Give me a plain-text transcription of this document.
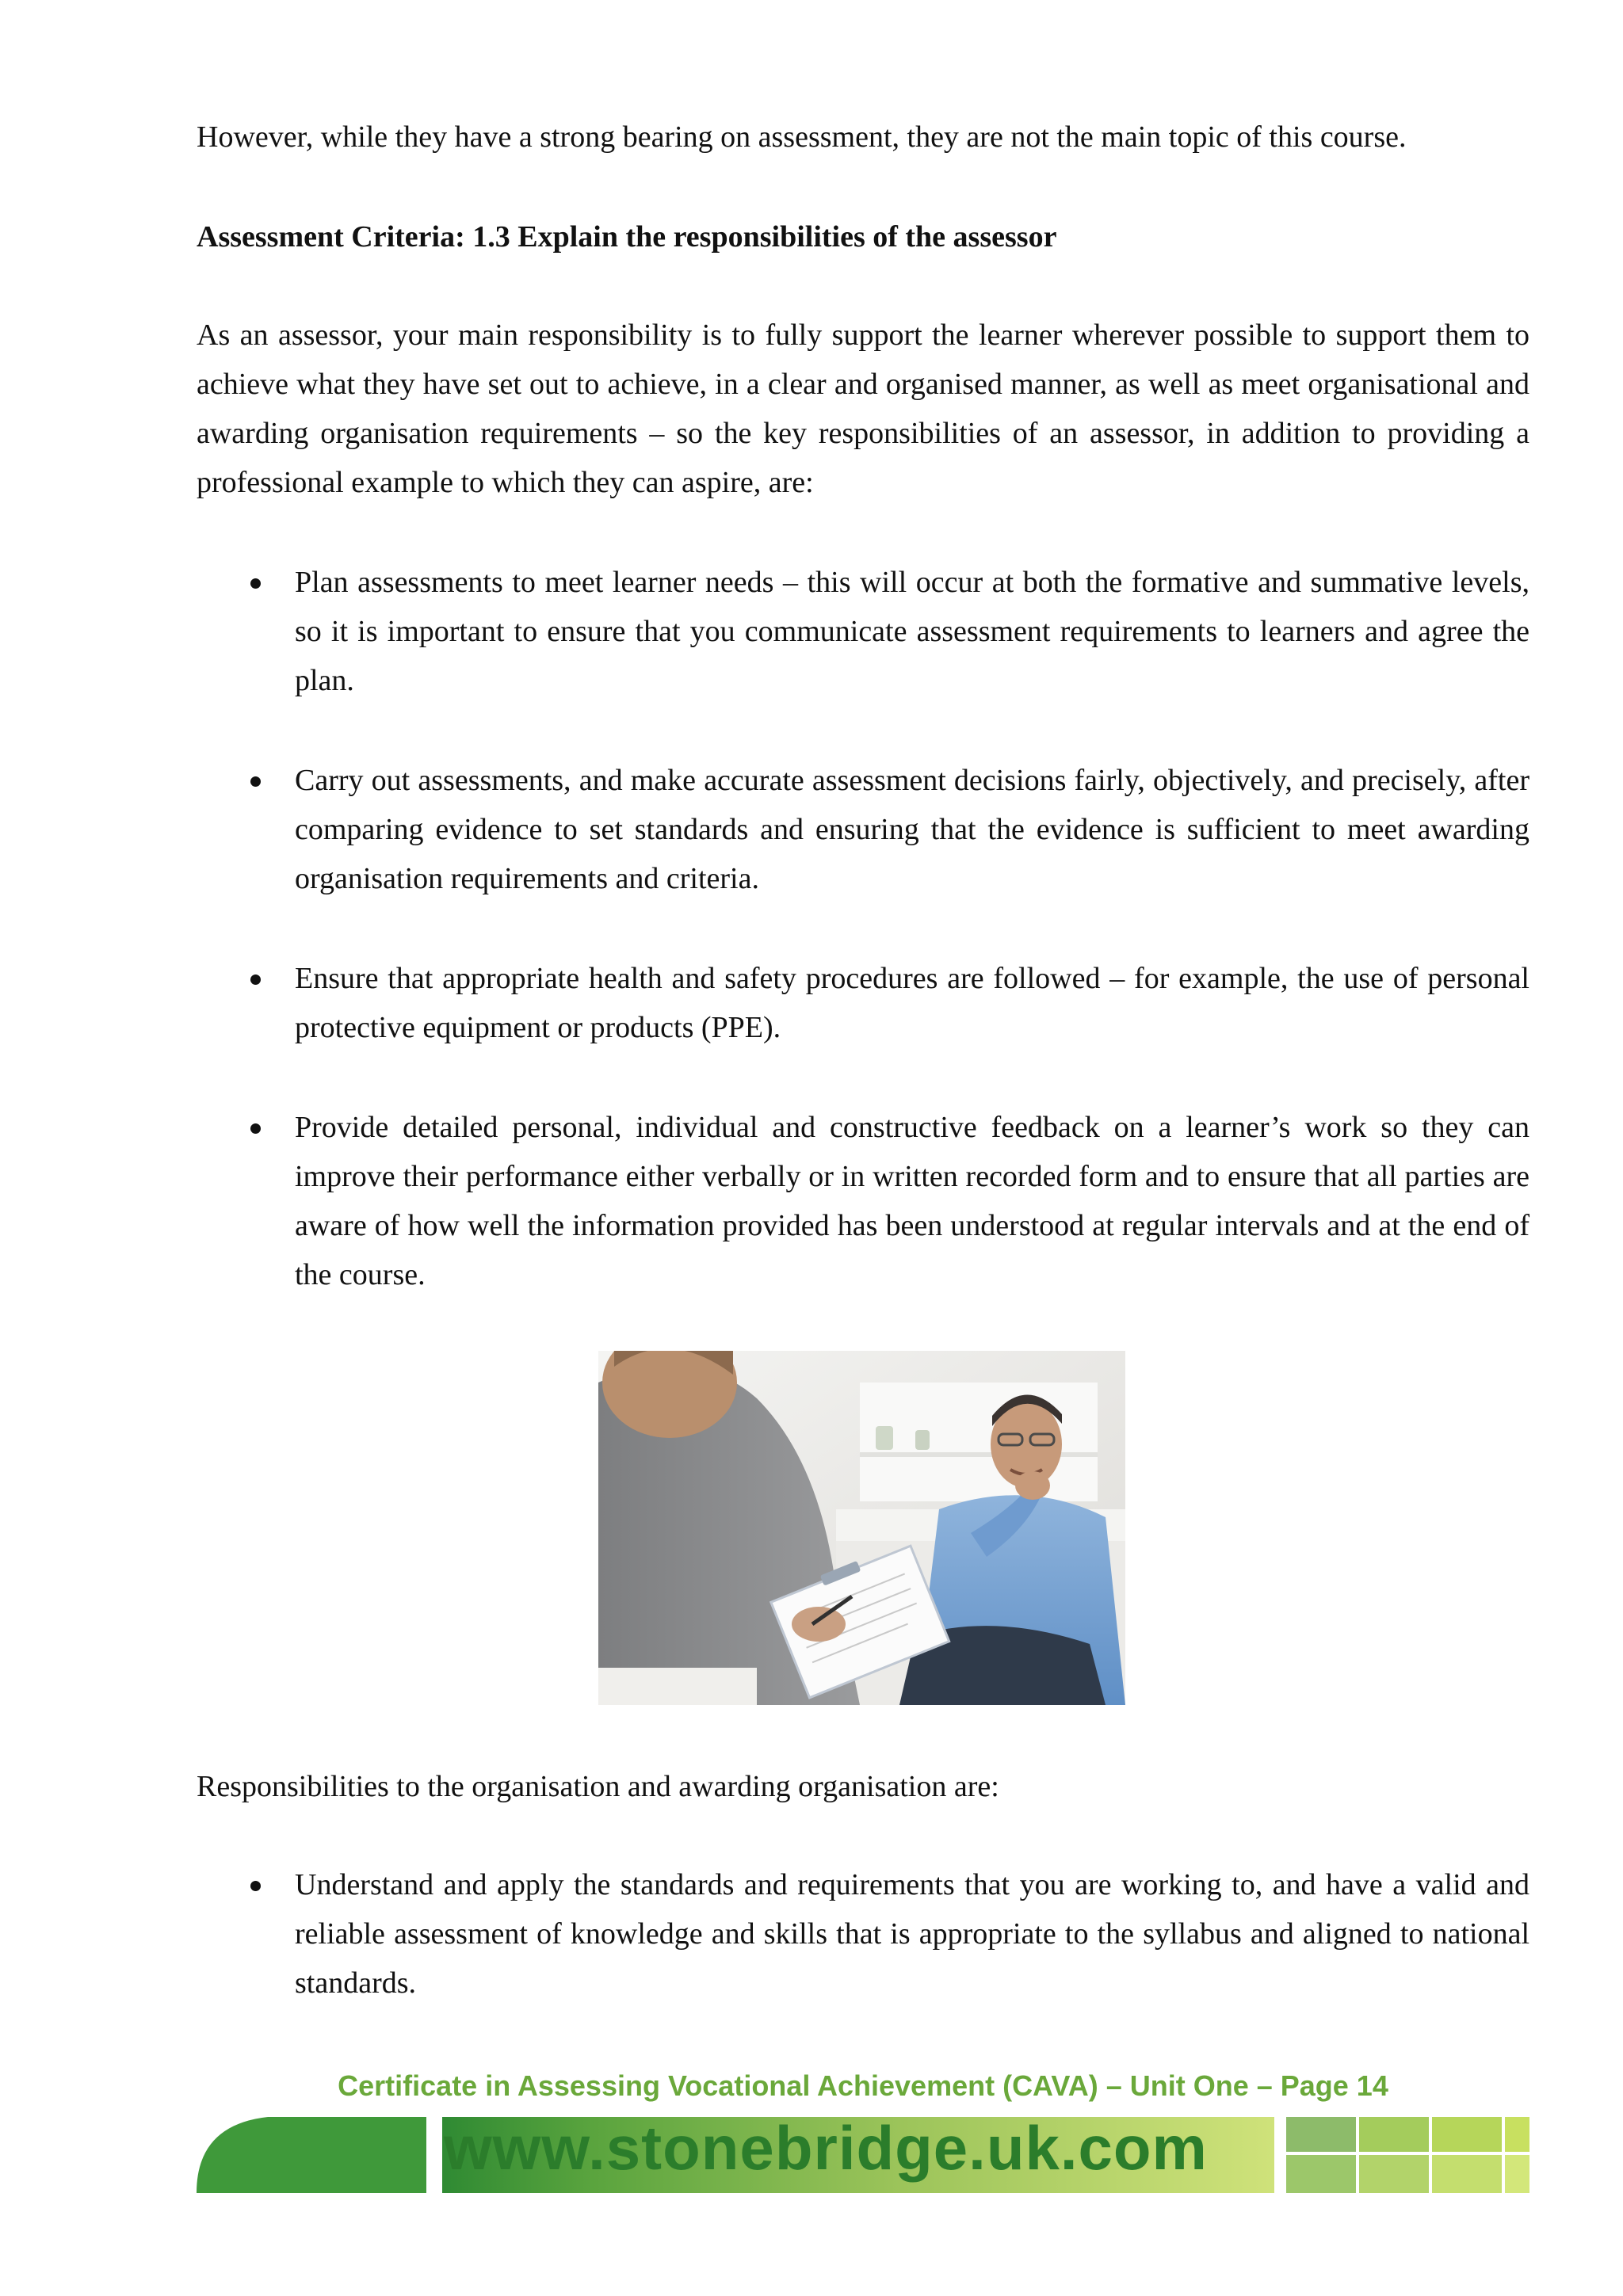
However, while they have a strong bearing on assessment, they are not the main topic of this course.

Assessment Criteria: 1.3 Explain the responsibilities of the assessor

As an assessor, your main responsibility is to fully support the learner wherever possible to support them to achieve what they have set out to achieve, in a clear and organised manner, as well as meet organisational and awarding organisation requirements – so the key responsibilities of an assessor, in addition to providing a professional example to which they can aspire, are:

Plan assessments to meet learner needs – this will occur at both the formative and summative levels, so it is important to ensure that you communicate assessment requirements to learners and agree the plan.

Carry out assessments, and make accurate assessment decisions fairly, objectively, and precisely, after comparing evidence to set standards and ensuring that the evidence is sufficient to meet awarding organisation requirements and criteria.

Ensure that appropriate health and safety procedures are followed – for example, the use of personal protective equipment or products (PPE).

Provide detailed personal, individual and constructive feedback on a learner’s work so they can improve their performance either verbally or in written recorded form and to ensure that all parties are aware of how well the information provided has been understood at regular intervals and at the end of the course.

Responsibilities to the organisation and awarding organisation are:

Understand and apply the standards and requirements that you are working to, and have a valid and reliable assessment of knowledge and skills that is appropriate to the syllabus and aligned to national standards.

Certificate in Assessing Vocational Achievement (CAVA) – Unit One – Page 14
www.stonebridge.uk.com
